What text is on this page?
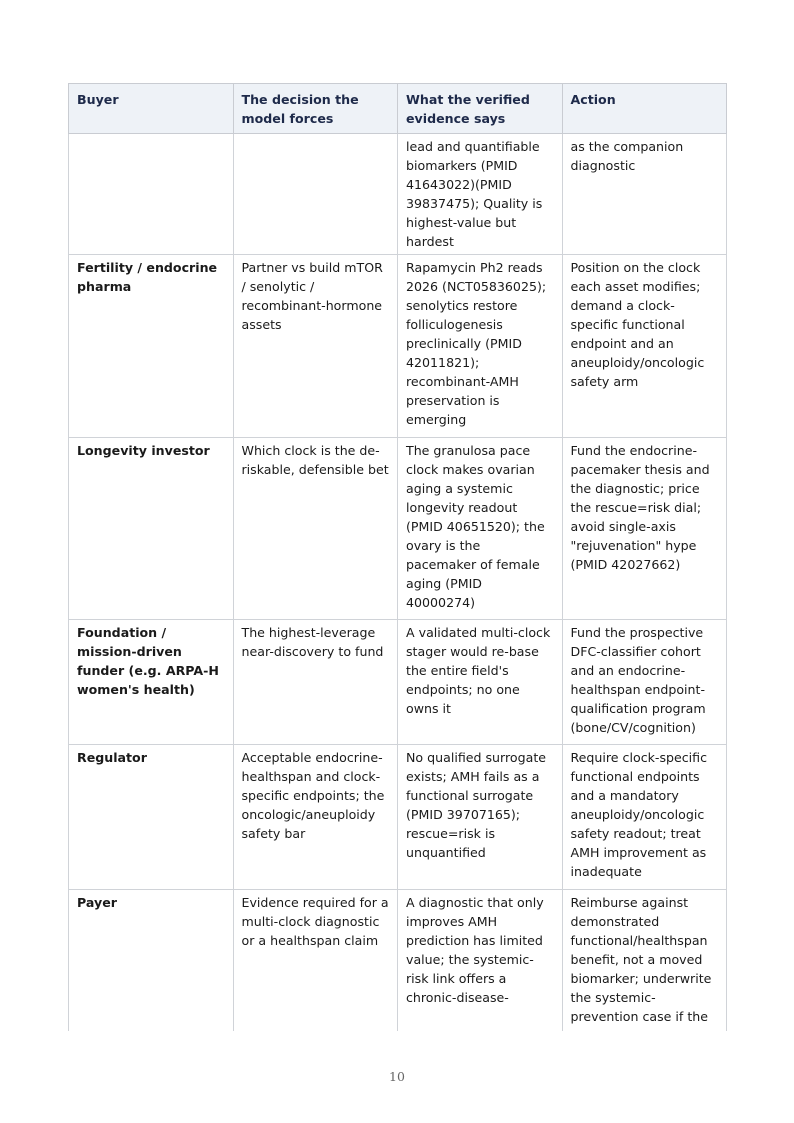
Buyer	The decision the model forces	What the verified evidence says	Action
		lead and quantifiable biomarkers (PMID 41643022)(PMID 39837475); Quality is highest-value but hardest	as the companion diagnostic
Fertility / endocrine pharma	Partner vs build mTOR / senolytic / recombinant-hormone assets	Rapamycin Ph2 reads 2026 (NCT05836025); senolytics restore folliculogenesis preclinically (PMID 42011821); recombinant-AMH preservation is emerging	Position on the clock each asset modifies; demand a clock-specific functional endpoint and an aneuploidy/oncologic safety arm
Longevity investor	Which clock is the de-riskable, defensible bet	The granulosa pace clock makes ovarian aging a systemic longevity readout (PMID 40651520); the ovary is the pacemaker of female aging (PMID 40000274)	Fund the endocrine-pacemaker thesis and the diagnostic; price the rescue=risk dial; avoid single-axis "rejuvenation" hype (PMID 42027662)
Foundation / mission-driven funder (e.g. ARPA-H women's health)	The highest-leverage near-discovery to fund	A validated multi-clock stager would re-base the entire field's endpoints; no one owns it	Fund the prospective DFC-classifier cohort and an endocrine-healthspan endpoint-qualification program (bone/CV/cognition)
Regulator	Acceptable endocrine-healthspan and clock-specific endpoints; the oncologic/aneuploidy safety bar	No qualified surrogate exists; AMH fails as a functional surrogate (PMID 39707165); rescue=risk is unquantified	Require clock-specific functional endpoints and a mandatory aneuploidy/oncologic safety readout; treat AMH improvement as inadequate
Payer	Evidence required for a multi-clock diagnostic or a healthspan claim	A diagnostic that only improves AMH prediction has limited value; the systemic-risk link offers a chronic-disease-	Reimburse against demonstrated functional/healthspan benefit, not a moved biomarker; underwrite the systemic-prevention case if the
10
